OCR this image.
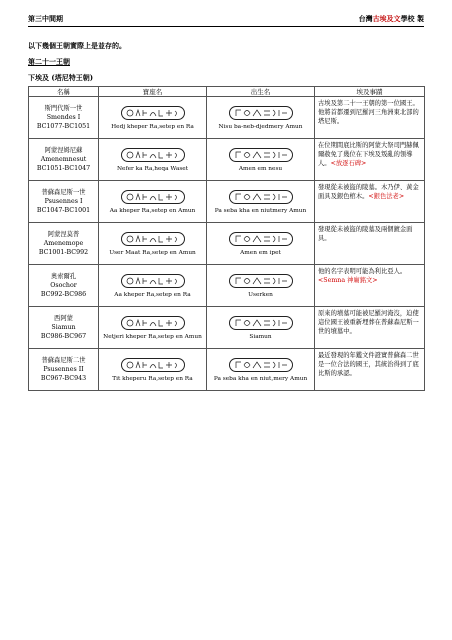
第三中間期	台灣古埃及文學校 製
以下幾個王朝實際上是並存的。
第二十一王朝
下埃及 (塔尼特王朝)
名稱	寶座名	出生名	埃及事蹟

斯門代斯一世
Smendes I
BC1077-BC1051	Hedj kheper Ra,setep en Ra	Nisu ba-neb-djedmery Amun	古埃及第二十一王朝的第一位國王。他將首都遷到尼羅河三角洲東北部的塔尼斯。

阿蒙涅姆尼蘇
Amenemnesut
BC1051-BC1047	Nefer ka Ra,heqa Waset	Amen em nesu	在位期間底比斯的阿蒙大祭司門赫佩爾赦免了幾位在下埃及叛亂的領導人。<放逐石碑>

普蘇森尼斯一世
Psusennes I
BC1047-BC1001	Aa kheper Ra,setep en Amun	Pa seba kha en niutmery Amun	發現從未被盜的陵墓。木乃伊、黃金面具及銀色棺木。<銀色法老>

阿蒙涅莫普
Amenemope
BC1001-BC992	User Maat Ra,setep en Amun	Amen em ipet	發現從未被盜的陵墓及兩個鍍金面具。

奧索爾孔
Osochor
BC992-BC986	Aa kheper Ra,setep en Ra	Userken	他的名字表明可能為利比亞人。<Semna 神廟銘文>

西阿蒙
Siamun
BC986-BC967	Netjeri kheper Ra,setep en Amun	Siamun	原來的墳墓可能被尼羅河淹沒，迫使這位國王被重新埋葬在普蘇森尼斯一世的墳墓中。

普蘇森尼斯二世
Psusennes II
BC967-BC943	Tit kheperu Ra,setep en Ra	Pa seba kha en niut,mery Amun	最近發現的年鑑文件證實普蘇森二世是一位合法的國王，其統治得到了底比斯的承認。
